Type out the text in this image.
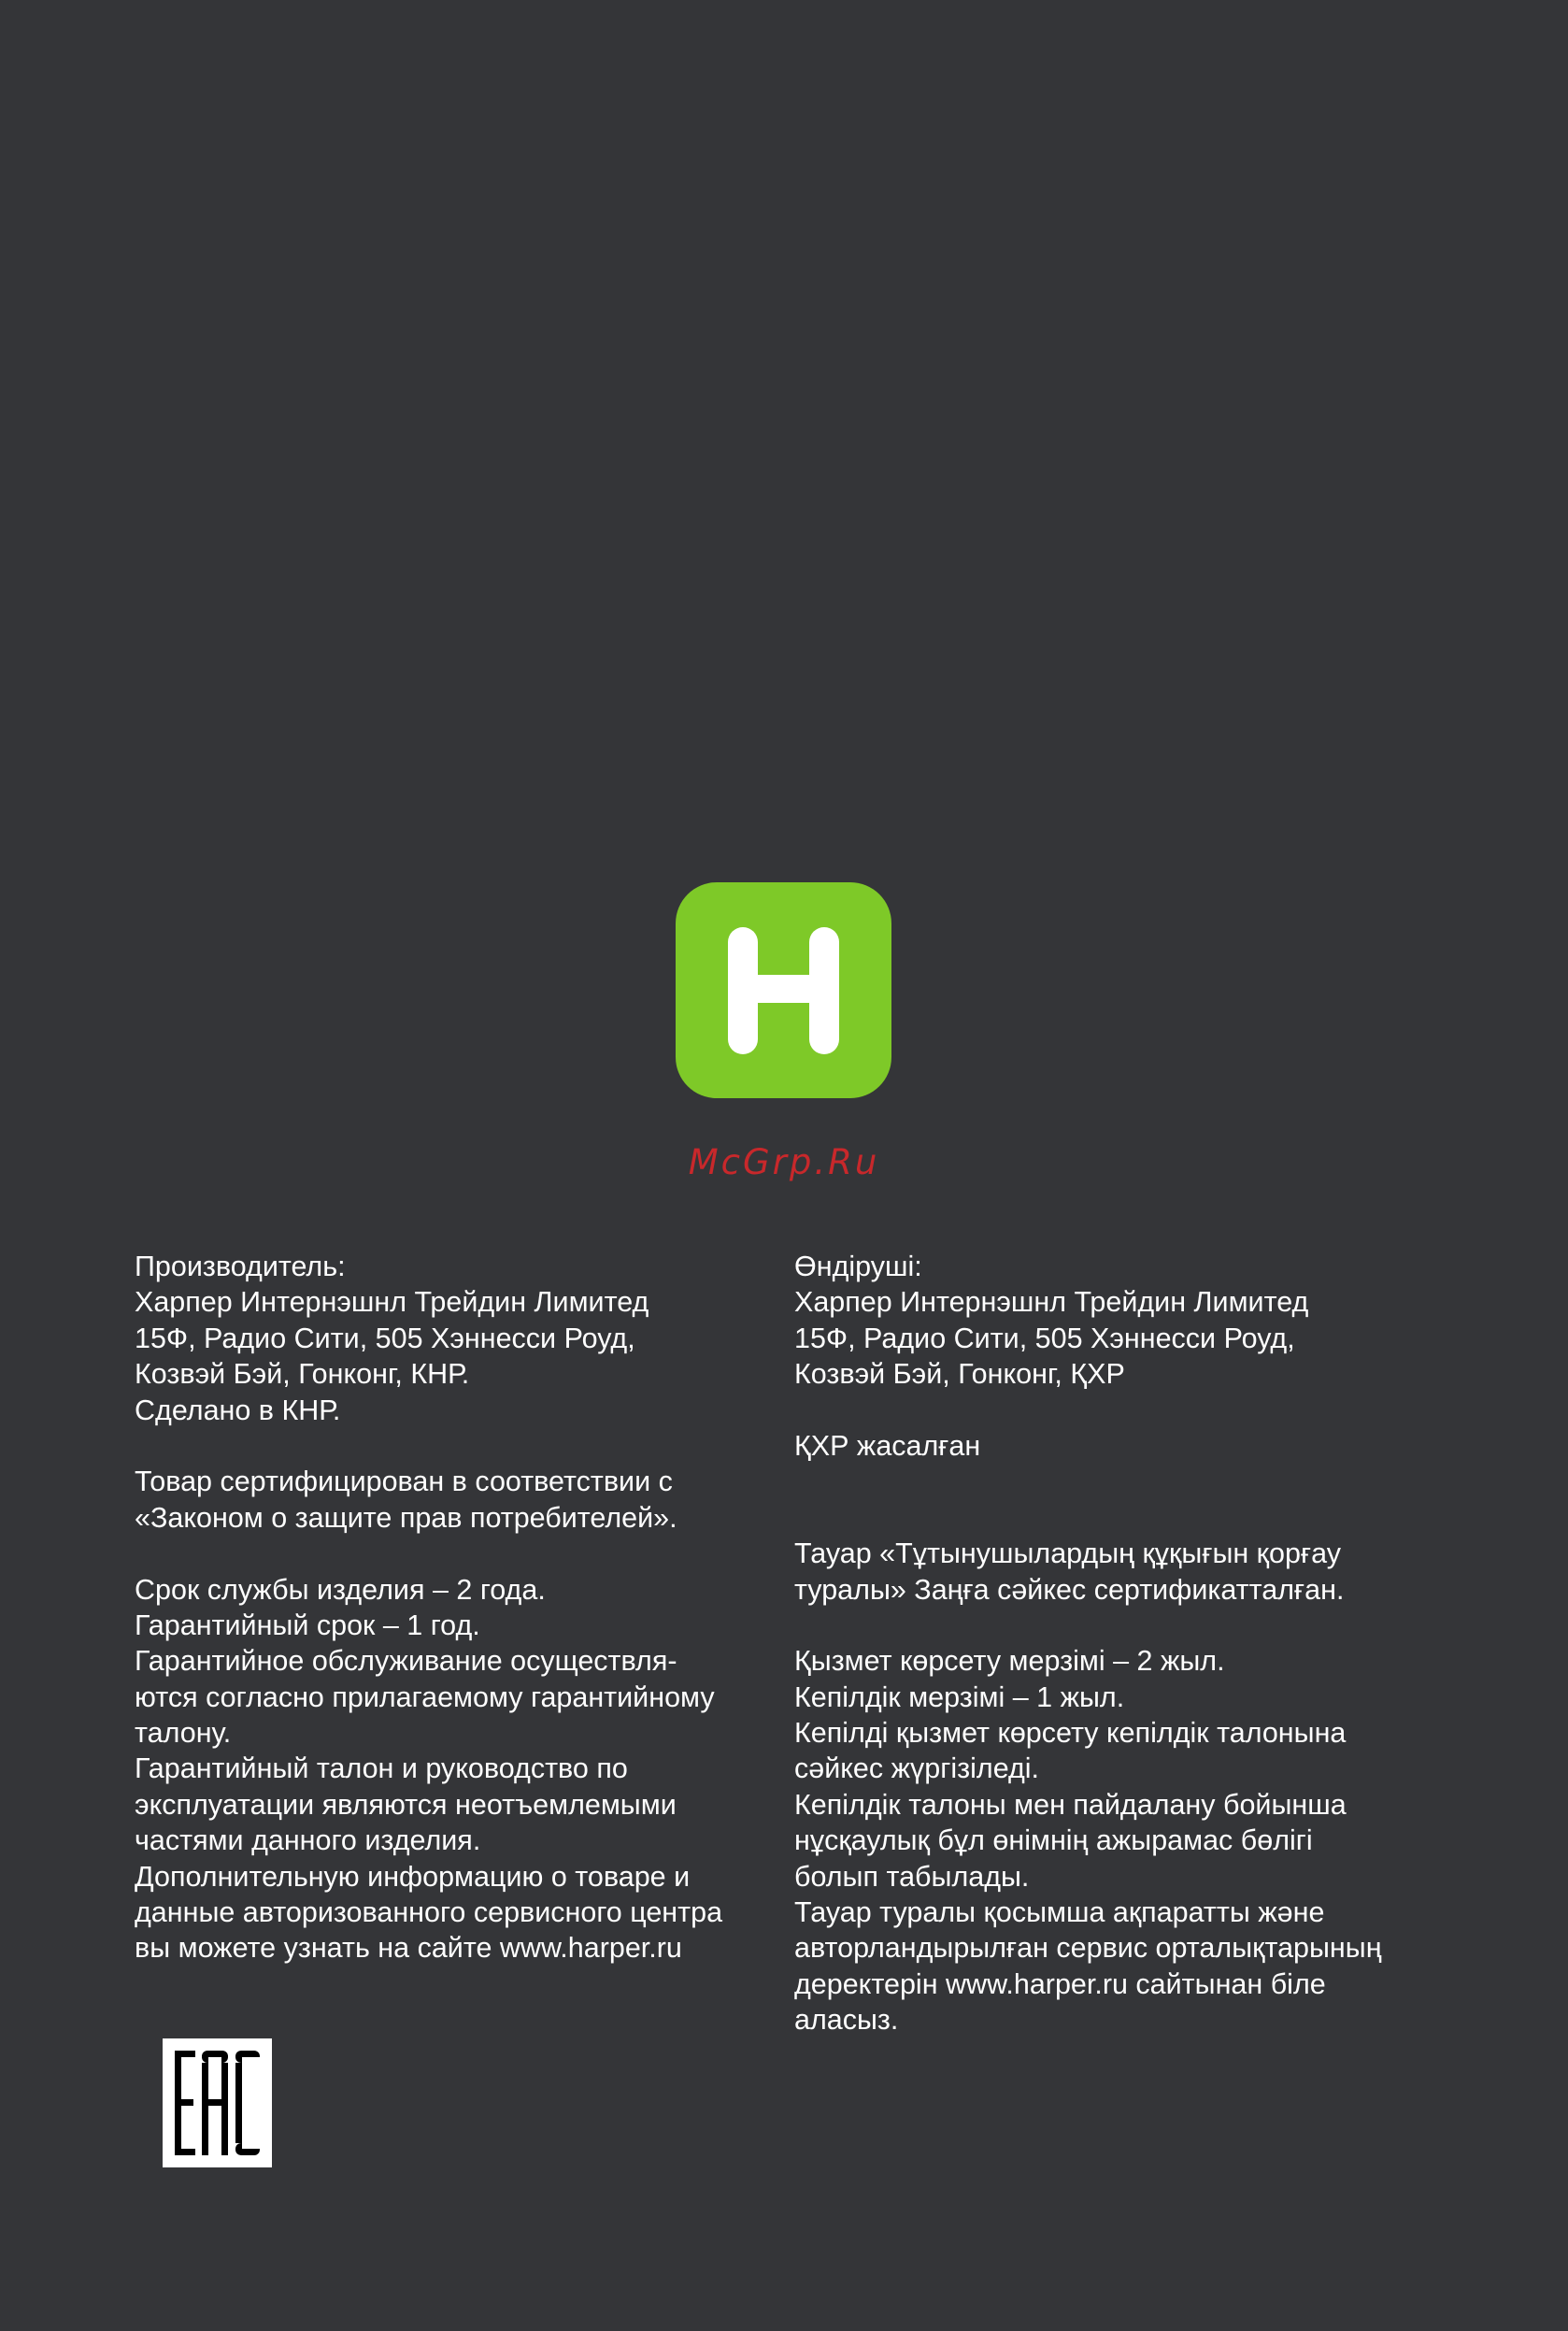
McGrp.Ru
Производитель:
Харпер Интернэшнл Трейдин Лимитед
15Ф, Радио Сити, 505 Хэннесси Роуд,
Козвэй Бэй, Гонконг, КНР.
Сделано в КНР.
Товар сертифицирован в соответствии с
«Законом о защите прав потребителей».
Срок службы изделия – 2 года.
Гарантийный срок – 1 год.
Гарантийное обслуживание осуществля-
ются согласно прилагаемому гарантийному
талону.
Гарантийный талон и руководство по
эксплуатации являются неотъемлемыми
частями данного изделия.
Дополнительную информацию о товаре и
данные авторизованного сервисного центра
вы можете узнать на сайте www.harper.ru
Өндіруші:
Харпер Интернэшнл Трейдин Лимитед
15Ф, Радио Сити, 505 Хэннесси Роуд,
Козвэй Бэй, Гонконг, ҚХР
ҚХР жасалған
Тауар «Тұтынушылардың құқығын қорғау
туралы» Заңға сәйкес сертификатталған.
Қызмет көрсету мерзімі – 2 жыл.
Кепілдік мерзімі – 1 жыл.
Кепілді қызмет көрсету кепілдік талонына
сәйкес жүргізіледі.
Кепілдік талоны мен пайдалану бойынша
нұсқаулық бұл өнімнің ажырамас бөлігі
болып табылады.
Тауар туралы қосымша ақпаратты және
авторландырылған сервис орталықтарының
деректерін www.harper.ru сайтынан біле
аласыз.
